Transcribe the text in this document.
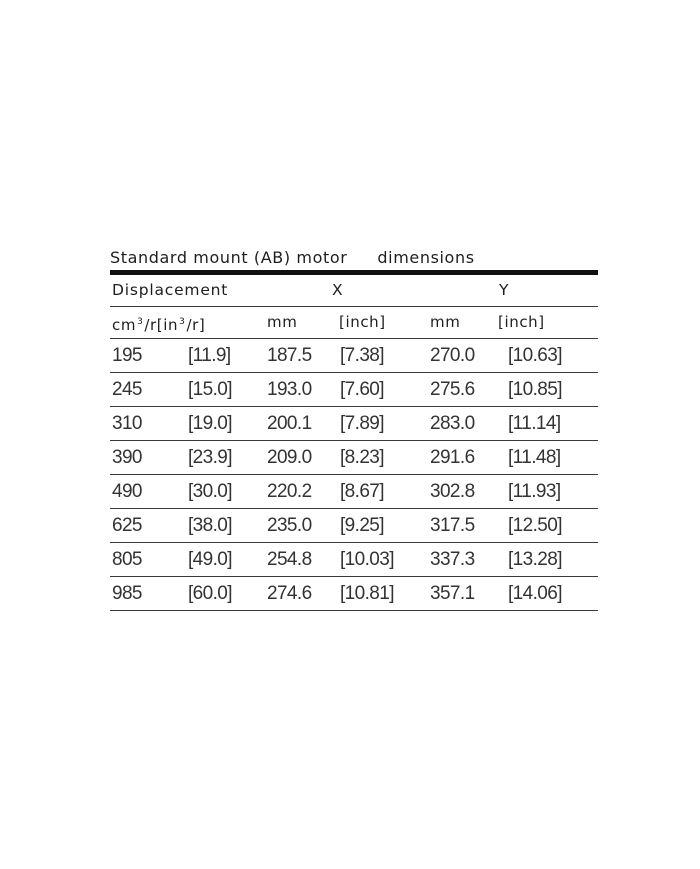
Standard mount (AB) motor dimensions
Displacement	X	Y
$cm^3/r[in^3/r]$	mm	[inch]	mm	[inch]
195 [11.9] 187.5 [7.38] 270.0 [10.63]
245 [15.0] 193.0 [7.60] 275.6 [10.85]
310 [19.0] 200.1 [7.89] 283.0 [11.14]
390 [23.9] 209.0 [8.23] 291.6 [11.48]
490 [30.0] 220.2 [8.67] 302.8 [11.93]
625 [38.0] 235.0 [9.25] 317.5 [12.50]
805 [49.0] 254.8 [10.03] 337.3 [13.28]
985 [60.0] 274.6 [10.81] 357.1 [14.06]
